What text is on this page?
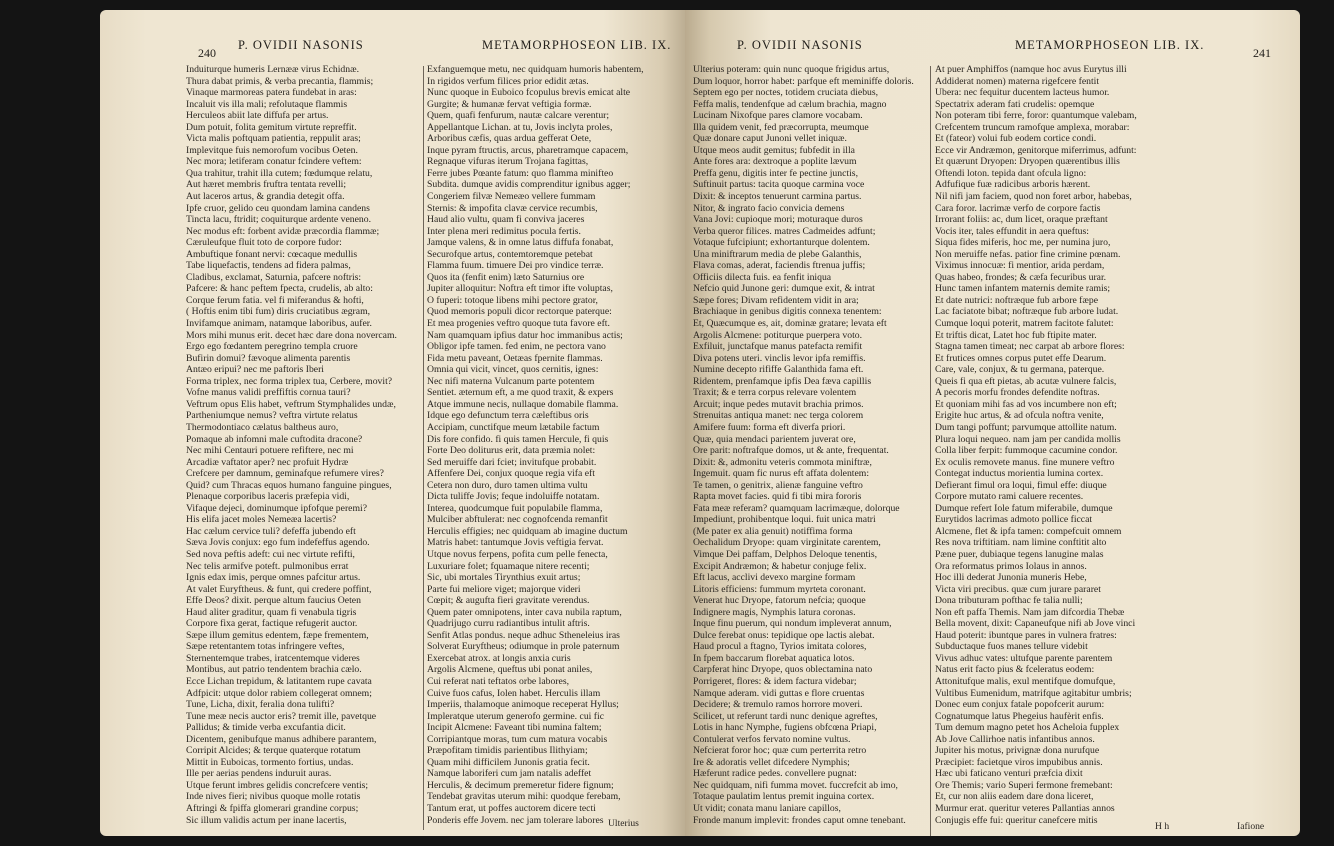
240
P. OVIDII NASONIS	METAMORPHOSEON LIB. IX.
Induiturque humeris Lernææ virus Echidnæ.
Thura dabat primis, & verba precantia, flammis;
Vinaque marmoreas patera fundebat in aras:
Incaluit vis illa mali; refolutaque flammis
Herculeos abiit late diffufa per artus.
Dum potuit, folita gemitum virtute repreffit.
Victa malis poftquam patientia, reppulit aras;
Implevitque fuis nemorofum vocibus Oeten.
Nec mora; letiferam conatur fcindere veftem:
Qua trahitur, trahit illa cutem; fœdumque relatu,
Aut hæret membris fruftra tentata revelli;
Aut laceros artus, & grandia detegit offa.
Ipfe cruor, gelido ceu quondam lamina candens
Tincta lacu, ftridit; coquiturque ardente veneno.
Nec modus eft: forbent avidæ præcordia flammæ;
Cæruleufque fluit toto de corpore fudor:
Ambuftique fonant nervi: cœcaque medullis
Tabe liquefactis, tendens ad fidera palmas,
Cladibus, exclamat, Saturnia, pafcere noftris:
Pafcere: & hanc peftem fpecta, crudelis, ab alto:
Corque ferum fatia. vel fi miferandus & hofti,
( Hoftis enim tibi fum) diris cruciatibus ægram,
Invifamque animam, natamque laboribus, aufer.
Mors mihi munus erit. decet hæc dare dona novercam.
Ergo ego fœdantem peregrino templa cruore
Bufirin domui? fævoque alimenta parentis
Antæo eripui? nec me paftoris Iberi
Forma triplex, nec forma triplex tua, Cerbere, movit?
Vofne manus validi preffiftis cornua tauri?
Veftrum opus Elis habet, veftrum Stymphalides undæ,
Partheniumque nemus? veftra virtute relatus
Thermodontiaco cælatus baltheus auro,
Pomaque ab infomni male cuftodita dracone?
Nec mihi Centauri potuere refiftere, nec mi
Arcadiæ vaftator aper? nec profuit Hydræ
Crefcere per damnum, geminafque refumere vires?
Quid? cum Thracas equos humano fanguine pingues,
Plenaque corporibus laceris præfepia vidi,
Vifaque dejeci, dominumque ipfofque peremi?
His elifa jacet moles Nemeæa lacertis?
Hac cælum cervice tuli? defeffa jubendo eft
Sæva Jovis conjux: ego fum indefeffus agendo.
Sed nova peftis adeft: cui nec virtute refifti,
Nec telis armifve poteft. pulmonibus errat
Ignis edax imis, perque omnes pafcitur artus.
At valet Euryftheus. & funt, qui credere poffint,
Effe Deos? dixit. perque altum faucius Oeten
Haud aliter graditur, quam fi venabula tigris
Corpore fixa gerat, factique refugerit auctor.
Sæpe illum gemitus edentem, fæpe frementem,
Sæpe retentantem totas infringere veftes,
Sternentemque trabes, iratcentemque videres
Montibus, aut patrio tendentem brachia cælo.
Ecce Lichan trepidum, & latitantem rupe cavata
Adfpicit: utque dolor rabiem collegerat omnem;
Tune, Licha, dixit, feralia dona tulifti?
Tune meæ necis auctor eris? tremit ille, pavetque
Pallidus; & timide verba excufantia dicit.
Dicentem, genibufque manus adhibere parantem,
Corripit Alcides; & terque quaterque rotatum
Mittit in Euboicas, tormento fortius, undas.
Ille per aerias pendens induruit auras.
Utque ferunt imbres gelidis concrefcere ventis;
Inde nives fieri; nivibus quoque molle rotatis
Aftringi & fpiffa glomerari grandine corpus;
Sic illum validis actum per inane lacertis,
Exfanguemque metu, nec quidquam humoris habentem,
In rigidos verfum filices prior edidit ætas.
Nunc quoque in Euboico fcopulus brevis emicat alte
Gurgite; & humanæ fervat veftigia formæ.
Quem, quafi fenfurum, nautæ calcare verentur;
Appellantque Lichan. at tu, Jovis inclyta proles,
Arboribus cæfis, quas ardua gefferat Oete,
Inque pyram ftructis, arcus, pharetramque capacem,
Regnaque vifuras iterum Trojana fagittas,
Ferre jubes Pœante fatum: quo flamma minifteo
Subdita. dumque avidis comprenditur ignibus agger;
Congeriem filvæ Nemeæo vellere fummam
Sternis: & impofita clavæ cervice recumbis,
Haud alio vultu, quam fi conviva jaceres
Inter plena meri redimitus pocula fertis.
Jamque valens, & in omne latus diffufa fonabat,
Securofque artus, contemtoremque petebat
Flamma fuum. timuere Dei pro vindice terræ.
Quos ita (fenfit enim) læto Saturnius ore
Jupiter alloquitur: Noftra eft timor ifte voluptas,
O fuperi: totoque libens mihi pectore grator,
Quod memoris populi dicor rectorque paterque:
Et mea progenies veftro quoque tuta favore eft.
Nam quamquam ipfius datur hoc immanibus actis;
Obligor ipfe tamen. fed enim, ne pectora vano
Fida metu paveant, Oetæas fpernite flammas.
Omnia qui vicit, vincet, quos cernitis, ignes:
Nec nifi materna Vulcanum parte potentem
Sentiet. æternum eft, a me quod traxit, & expers
Atque immune necis, nullaque domabile flamma.
Idque ego defunctum terra cæleftibus oris
Accipiam, cunctifque meum lætabile factum
Dis fore confido. fi quis tamen Hercule, fi quis
Forte Deo doliturus erit, data præmia nolet:
Sed meruiffe dari fciet; invitufque probabit.
Affenfere Dei, conjux quoque regia vifa eft
Cetera non duro, duro tamen ultima vultu
Dicta tuliffe Jovis; feque indoluiffe notatam.
Interea, quodcumque fuit populabile flamma,
Mulciber abftulerat: nec cognofcenda remanfit
Herculis effigies; nec quidquam ab imagine ductum
Matris habet: tantumque Jovis veftigia fervat.
Utque novus ferpens, pofita cum pelle fenecta,
Luxuriare folet; fquamaque nitere recenti;
Sic, ubi mortales Tirynthius exuit artus;
Parte fui meliore viget; majorque videri
Cœpit; & augufta fieri gravitate verendus.
Quem pater omnipotens, inter cava nubila raptum,
Quadrijugo curru radiantibus intulit aftris.
Senfit Atlas pondus. neque adhuc Stheneleius iras
Solverat Euryftheus; odiumque in prole paternum
Exercebat atrox. at longis anxia curis
Argolis Alcmene, queftus ubi ponat aniles,
Cui referat nati teftatos orbe labores,
Cuive fuos cafus, Iolen habet. Herculis illam
Imperiis, thalamoque animoque receperat Hyllus;
Impleratque uterum generofo germine. cui fic
Incipit Alcmene: Faveant tibi numina faltem;
Corripiantque moras, tum cum matura vocabis
Præpofitam timidis parientibus Ilithyiam;
Quam mihi difficilem Junonis gratia fecit.
Namque laboriferi cum jam natalis adeffet
Herculis, & decimum premeretur fidere fignum;
Tendebat gravitas uterum mihi: quodque ferebam,
Tantum erat, ut poffes auctorem dicere tecti
Ponderis effe Jovem. nec jam tolerare labores Ulterius
P. OVIDII NASONIS	METAMORPHOSEON LIB. IX.
241
Ulterius poteram: quin nunc quoque frigidus artus,
Dum loquor, horror habet: parfque eft meminiffe doloris.
Septem ego per noctes, totidem cruciata diebus,
Feffa malis, tendenfque ad cælum brachia, magno
Lucinam Nixofque pares clamore vocabam.
Illa quidem venit, fed præcorrupta, meumque
Quæ donare caput Junoni vellet iniquæ.
Utque meos audit gemitus; fubfedit in illa
Ante fores ara: dextroque a poplite lævum
Preffa genu, digitis inter fe pectine junctis,
Suftinuit partus: tacita quoque carmina voce
Dixit: & inceptos tenuerunt carmina partus.
Nitor, & ingrato facio convicia demens
Vana Jovi: cupioque mori; moturaque duros
Verba queror filices. matres Cadmeides adfunt;
Votaque fufcipiunt; exhortanturque dolentem.
Una miniftrarum media de plebe Galanthis,
Flava comas, aderat, faciendis ftrenua juffis;
Officiis dilecta fuis. ea fenfit iniqua
Nefcio quid Junone geri: dumque exit, & intrat
Sæpe fores; Divam refidentem vidit in ara;
Brachiaque in genibus digitis connexa tenentem:
Et, Quæcumque es, ait, dominæ gratare; levata eft
Argolis Alcmene: potiturque puerpera voto.
Exfiluit, junctafque manus patefacta remifit
Diva potens uteri. vinclis levor ipfa remiffis.
Numine decepto rififfe Galanthida fama eft.
Ridentem, prenfamque ipfis Dea fæva capillis
Traxit; & e terra corpus relevare volentem
Arcuit; inque pedes mutavit brachia primos.
Strenuitas antiqua manet: nec terga colorem
Amifere fuum: forma eft diverfa priori.
Quæ, quia mendaci parientem juverat ore,
Ore parit: noftrafque domos, ut & ante, frequentat.
Dixit: &, admonitu veteris commota miniftræ,
Ingemuit. quam fic nurus eft affata dolentem:
Te tamen, o genitrix, alienæ fanguine veftro
Rapta movet facies. quid fi tibi mira fororis
Fata meæ referam? quamquam lacrimæque, dolorque
Impediunt, prohibentque loqui. fuit unica matri
(Me pater ex alia genuit) notiffima forma
Oechalidum Dryope: quam virginitate carentem,
Vimque Dei paffam, Delphos Deloque tenentis,
Excipit Andræmon; & habetur conjuge felix.
Eft lacus, acclivi devexo margine formam
Litoris efficiens: fummum myrteta coronant.
Venerat huc Dryope, fatorum nefcia; quoque
Indignere magis, Nymphis latura coronas.
Inque finu puerum, qui nondum impleverat annum,
Dulce ferebat onus: tepidique ope lactis alebat.
Haud procul a ftagno, Tyrios imitata colores,
In fpem baccarum florebat aquatica lotos.
Carpferat hinc Dryope, quos oblectamina nato
Porrigeret, flores: & idem factura videbar;
Namque aderam. vidi guttas e flore cruentas
Decidere; & tremulo ramos horrore moveri.
Scilicet, ut referunt tardi nunc denique agreftes,
Lotis in hanc Nymphe, fugiens obfcœna Priapi,
Contulerat verfos fervato nomine vultus.
Nefcierat foror hoc; quæ cum perterrita retro
Ire & adoratis vellet difcedere Nymphis;
Hæferunt radice pedes. convellere pugnat:
Nec quidquam, nifi fumma movet. fuccrefcit ab imo,
Totaque paulatim lentus premit inguina cortex.
Ut vidit; conata manu laniare capillos,
Fronde manum implevit: frondes caput omne tenebant.
At puer Amphiffos (namque hoc avus Eurytus illi
Addiderat nomen) materna rigefcere fentit
Ubera: nec fequitur ducentem lacteus humor.
Spectatrix aderam fati crudelis: opemque
Non poteram tibi ferre, foror: quantumque valebam,
Crefcentem truncum ramofque amplexa, morabar:
Et (fateor) volui fub eodem cortice condi.
Ecce vir Andræmon, genitorque miferrimus, adfunt:
Et quærunt Dryopen: Dryopen quærentibus illis
Oftendi loton. tepida dant ofcula ligno:
Adfufique fuæ radicibus arboris hærent.
Nil nifi jam faciem, quod non foret arbor, habebas,
Cara foror. lacrimæ verfo de corpore factis
Irrorant foliis: ac, dum licet, oraque præftant
Vocis iter, tales effundit in aera queftus:
Siqua fides miferis, hoc me, per numina juro,
Non meruiffe nefas. patior fine crimine pœnam.
Viximus innocuæ: fi mentior, arida perdam,
Quas habeo, frondes; & cæfa fecuribus urar.
Hunc tamen infantem maternis demite ramis;
Et date nutrici: noftræque fub arbore fæpe
Lac faciatote bibat; noftræque fub arbore ludat.
Cumque loqui poterit, matrem facitote falutet:
Et triftis dicat, Latet hoc fub ftipite mater.
Stagna tamen timeat; nec carpat ab arbore flores:
Et frutices omnes corpus putet effe Dearum.
Care, vale, conjux, & tu germana, paterque.
Queis fi qua eft pietas, ab acutæ vulnere falcis,
A pecoris morfu frondes defendite noftras.
Et quoniam mihi fas ad vos incumbere non eft;
Erigite huc artus, & ad ofcula noftra venite,
Dum tangi poffunt; parvumque attollite natum.
Plura loqui nequeo. nam jam per candida mollis
Colla liber ferpit: fummoque cacumine condor.
Ex oculis removete manus. fine munere veftro
Contegat inductus morientia lumina cortex.
Defierant fimul ora loqui, fimul effe: diuque
Corpore mutato rami caluere recentes.
Dumque refert Iole fatum miferabile, dumque
Eurytidos lacrimas admoto pollice ficcat
Alcmene, flet & ipfa tamen: compefcuit omnem
Res nova triftitiam. nam limine conftitit alto
Pæne puer, dubiaque tegens lanugine malas
Ora reformatus primos Iolaus in annos.
Hoc illi dederat Junonia muneris Hebe,
Victa viri precibus. quæ cum jurare pararet
Dona tributuram pofthac fe talia nulli;
Non eft paffa Themis. Nam jam difcordia Thebæ
Bella movent, dixit: Capaneufque nifi ab Jove vinci
Haud poterit: ibuntque pares in vulnera fratres:
Subductaque fuos manes tellure videbit
Vivus adhuc vates: ultufque parente parentem
Natus erit facto pius & fceleratus eodem:
Attonitufque malis, exul mentifque domufque,
Vultibus Eumenidum, matrifque agitabitur umbris;
Donec eum conjux fatale popofcerit aurum:
Cognatumque latus Phegeius haufèrit enfis.
Tum demum magno petet hos Acheloia fupplex
Ab Jove Callirhoe natis infantibus annos.
Jupiter his motus, privignæ dona nurufque
Præcipiet: facietque viros impubibus annis.
Hæc ubi faticano venturi præfcia dixit
Ore Themis; vario Superi fermone fremebant:
Et, cur non aliis eadem dare dona liceret,
Murmur erat. queritur veteres Pallantias annos
Conjugis effe fui: queritur canefcere mitis
H h	Iafione
